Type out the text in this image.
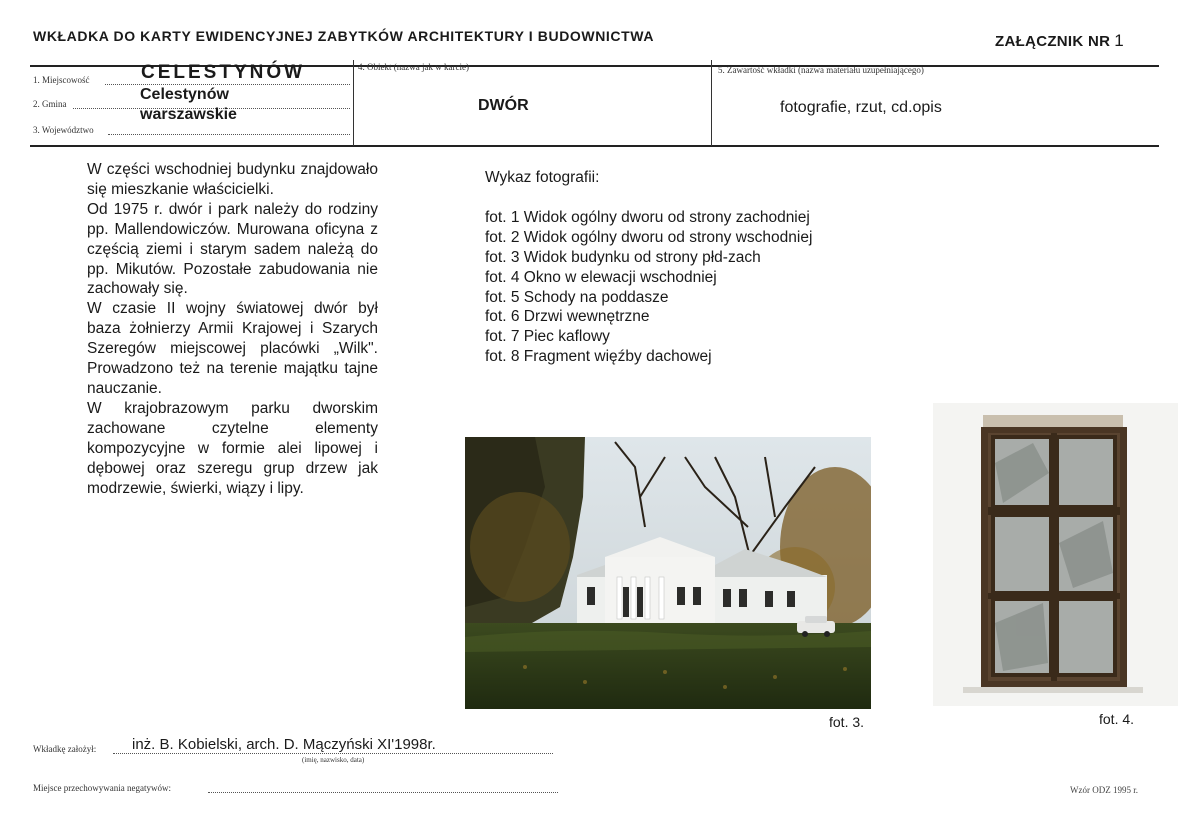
WKŁADKA DO KARTY EWIDENCYJNEJ ZABYTKÓW ARCHITEKTURY I BUDOWNICTWA	ZAŁĄCZNIK NR 1
1. Miejscowość	CELESTYNÓW
2. Gmina
Celestynów
3. Województwo
warszawskie
4. Obiekt (nazwa jak w karcie)
DWÓR
5. Zawartość wkładki (nazwa materiału uzupełniającego)
fotografie, rzut, cd.opis

W części wschodniej budynku znajdowało się mieszkanie właścicielki.

Od 1975 r. dwór i park należy do rodziny pp. Mallendowiczów. Murowana oficyna z częścią ziemi i starym sadem należą do pp. Mikutów. Pozostałe zabudowania nie zachowały się.

W czasie II wojny światowej dwór był baza żołnierzy Armii Krajowej i Szarych Szeregów miejscowej placówki „Wilk". Prowadzono też na terenie majątku tajne nauczanie.

W krajobrazowym parku dworskim zachowane czytelne elementy kompozycyjne w formie alei lipowej i dębowej oraz szeregu grup drzew jak modrzewie, świerki, wiązy i lipy.

Wykaz fotografii:
fot. 1 Widok ogólny dworu od strony zachodniej
fot. 2 Widok ogólny dworu od strony wschodniej
fot. 3 Widok budynku od strony płd-zach
fot. 4 Okno w elewacji wschodniej
fot. 5 Schody na poddasze
fot. 6 Drzwi wewnętrzne
fot. 7 Piec kaflowy
fot. 8 Fragment więźby dachowej
fot. 3.	fot. 4.
Wkładkę założył: inż. B. Kobielski, arch. D. Mączyński XI'1998r.
(imię, nazwisko, data)
Miejsce przechowywania negatywów:	Wzór ODZ 1995 r.
